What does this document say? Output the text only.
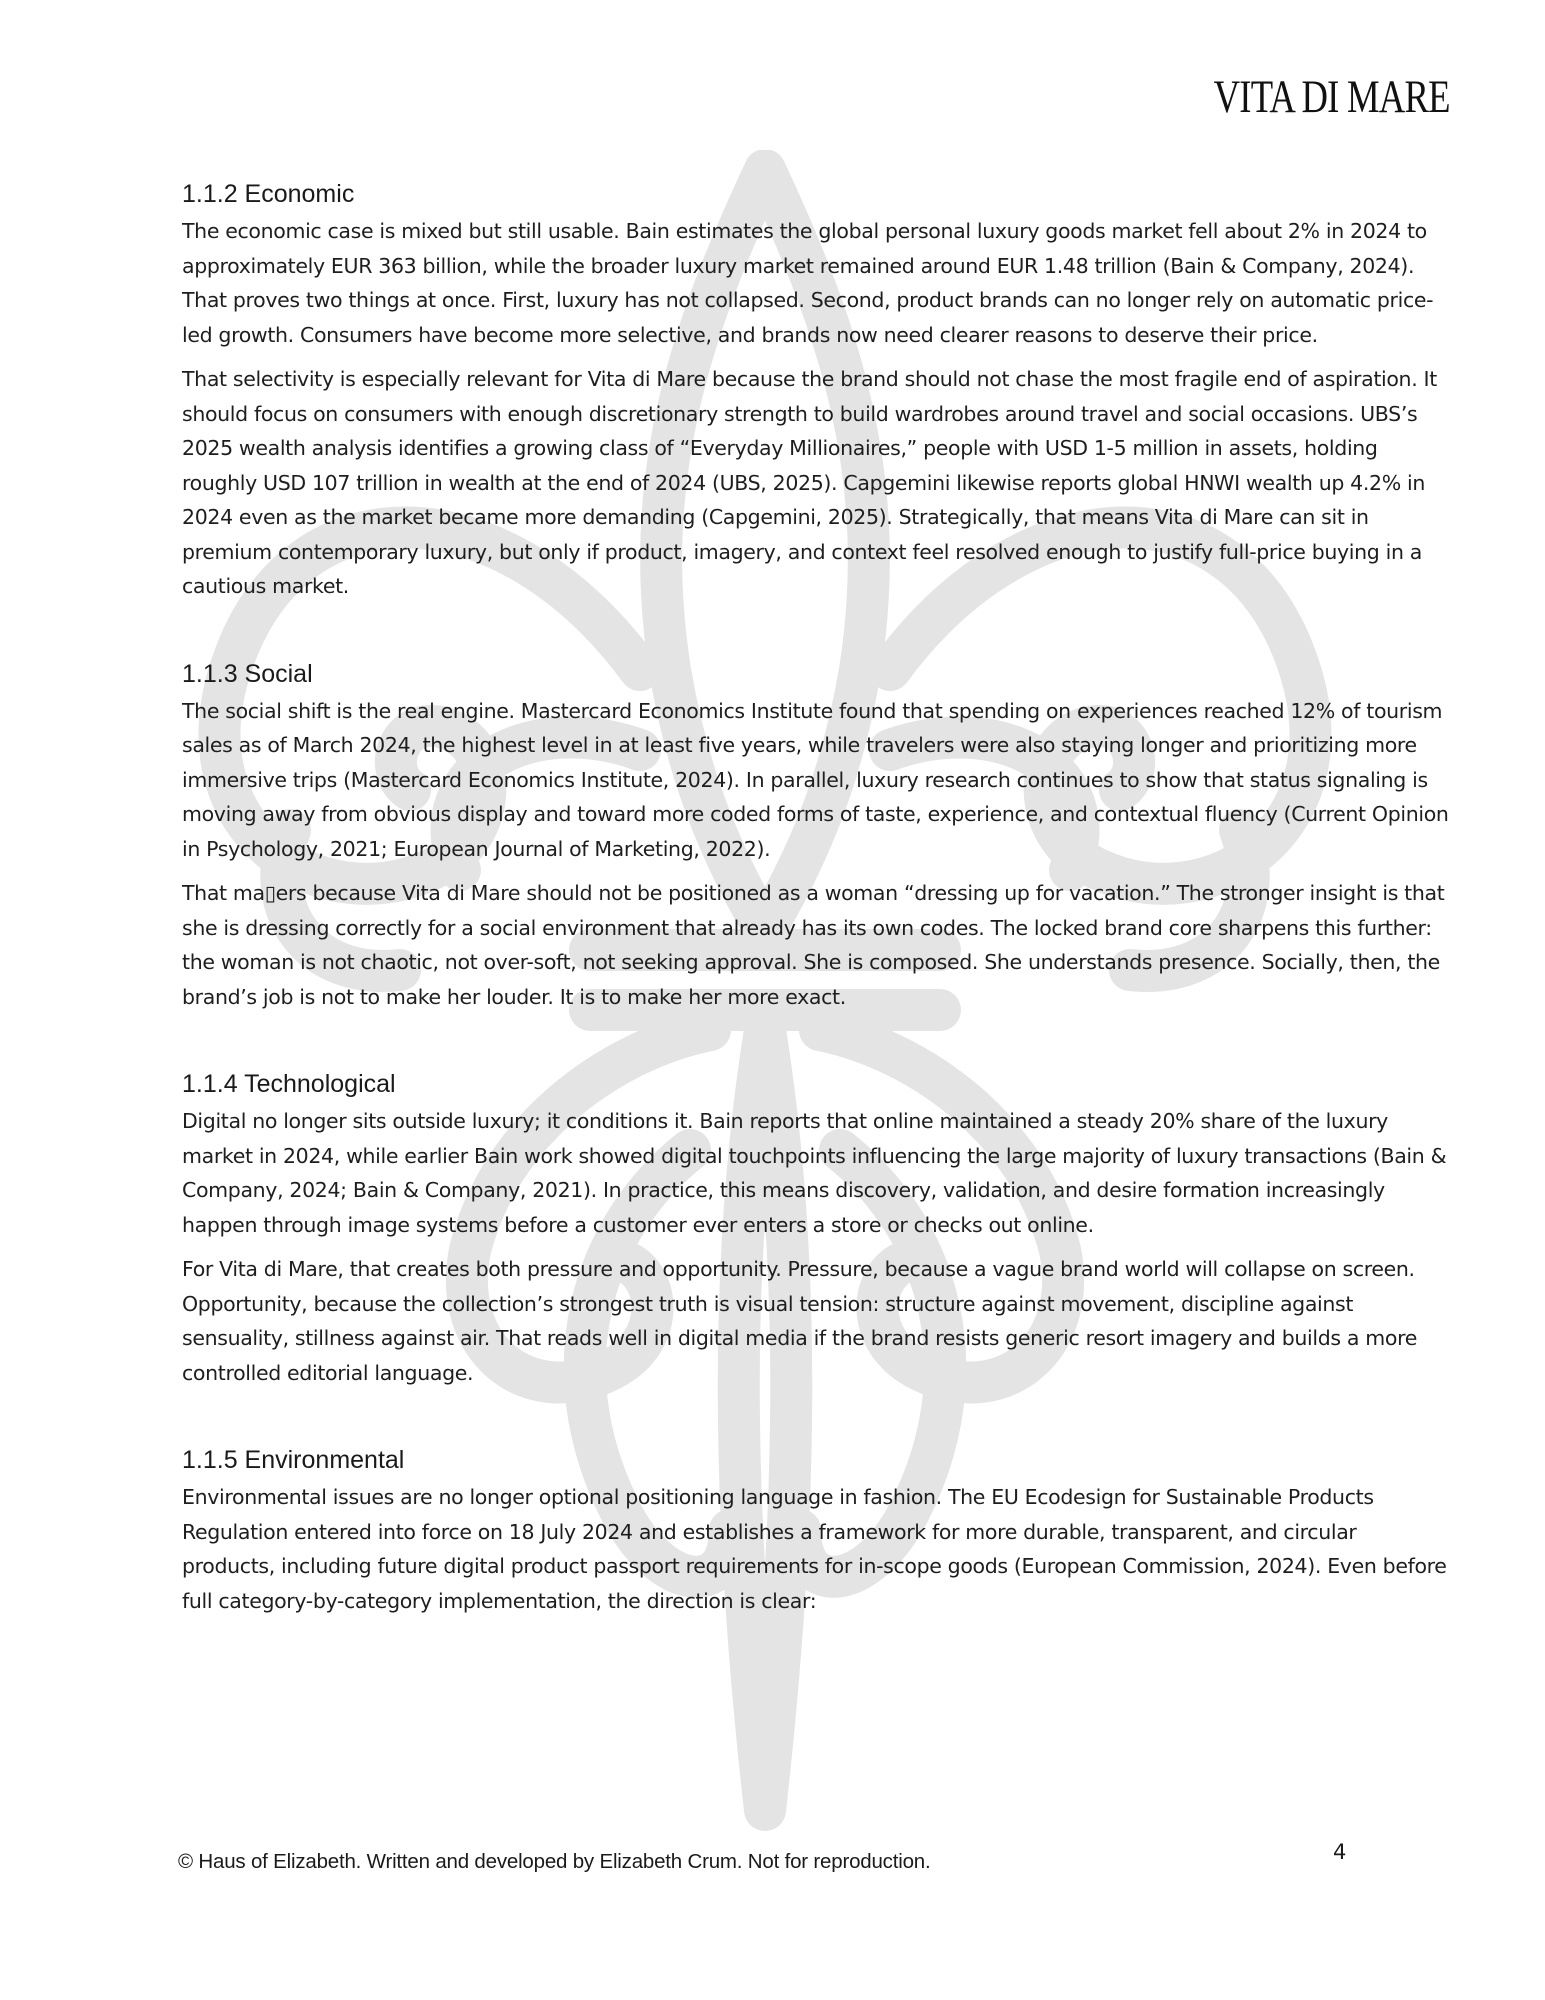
VITA DI MARE
1.1.2 Economic

The economic case is mixed but still usable. Bain estimates the global personal luxury goods market fell about 2% in 2024 to approximately EUR 363 billion, while the broader luxury market remained around EUR 1.48 trillion (Bain & Company, 2024). That proves two things at once. First, luxury has not collapsed. Second, product brands can no longer rely on automatic price-led growth. Consumers have become more selective, and brands now need clearer reasons to deserve their price.

That selectivity is especially relevant for Vita di Mare because the brand should not chase the most fragile end of aspiration. It should focus on consumers with enough discretionary strength to build wardrobes around travel and social occasions. UBS’s 2025 wealth analysis identifies a growing class of “Everyday Millionaires,” people with USD 1-5 million in assets, holding roughly USD 107 trillion in wealth at the end of 2024 (UBS, 2025). Capgemini likewise reports global HNWI wealth up 4.2% in 2024 even as the market became more demanding (Capgemini, 2025). Strategically, that means Vita di Mare can sit in premium contemporary luxury, but only if product, imagery, and context feel resolved enough to justify full-price buying in a cautious market.

1.1.3 Social

The social shift is the real engine. Mastercard Economics Institute found that spending on experiences reached 12% of tourism sales as of March 2024, the highest level in at least five years, while travelers were also staying longer and prioritizing more immersive trips (Mastercard Economics Institute, 2024). In parallel, luxury research continues to show that status signaling is moving away from obvious display and toward more coded forms of taste, experience, and contextual fluency (Current Opinion in Psychology, 2021; European Journal of Marketing, 2022).

That ma▯ers because Vita di Mare should not be positioned as a woman “dressing up for vacation.” The stronger insight is that she is dressing correctly for a social environment that already has its own codes. The locked brand core sharpens this further: the woman is not chaotic, not over-soft, not seeking approval. She is composed. She understands presence. Socially, then, the brand’s job is not to make her louder. It is to make her more exact.

1.1.4 Technological

Digital no longer sits outside luxury; it conditions it. Bain reports that online maintained a steady 20% share of the luxury market in 2024, while earlier Bain work showed digital touchpoints influencing the large majority of luxury transactions (Bain & Company, 2024; Bain & Company, 2021). In practice, this means discovery, validation, and desire formation increasingly happen through image systems before a customer ever enters a store or checks out online.

For Vita di Mare, that creates both pressure and opportunity. Pressure, because a vague brand world will collapse on screen. Opportunity, because the collection’s strongest truth is visual tension: structure against movement, discipline against sensuality, stillness against air. That reads well in digital media if the brand resists generic resort imagery and builds a more controlled editorial language.

1.1.5 Environmental

Environmental issues are no longer optional positioning language in fashion. The EU Ecodesign for Sustainable Products Regulation entered into force on 18 July 2024 and establishes a framework for more durable, transparent, and circular products, including future digital product passport requirements for in-scope goods (European Commission, 2024). Even before full category-by-category implementation, the direction is clear:

© Haus of Elizabeth. Written and developed by Elizabeth Crum. Not for reproduction.	4
